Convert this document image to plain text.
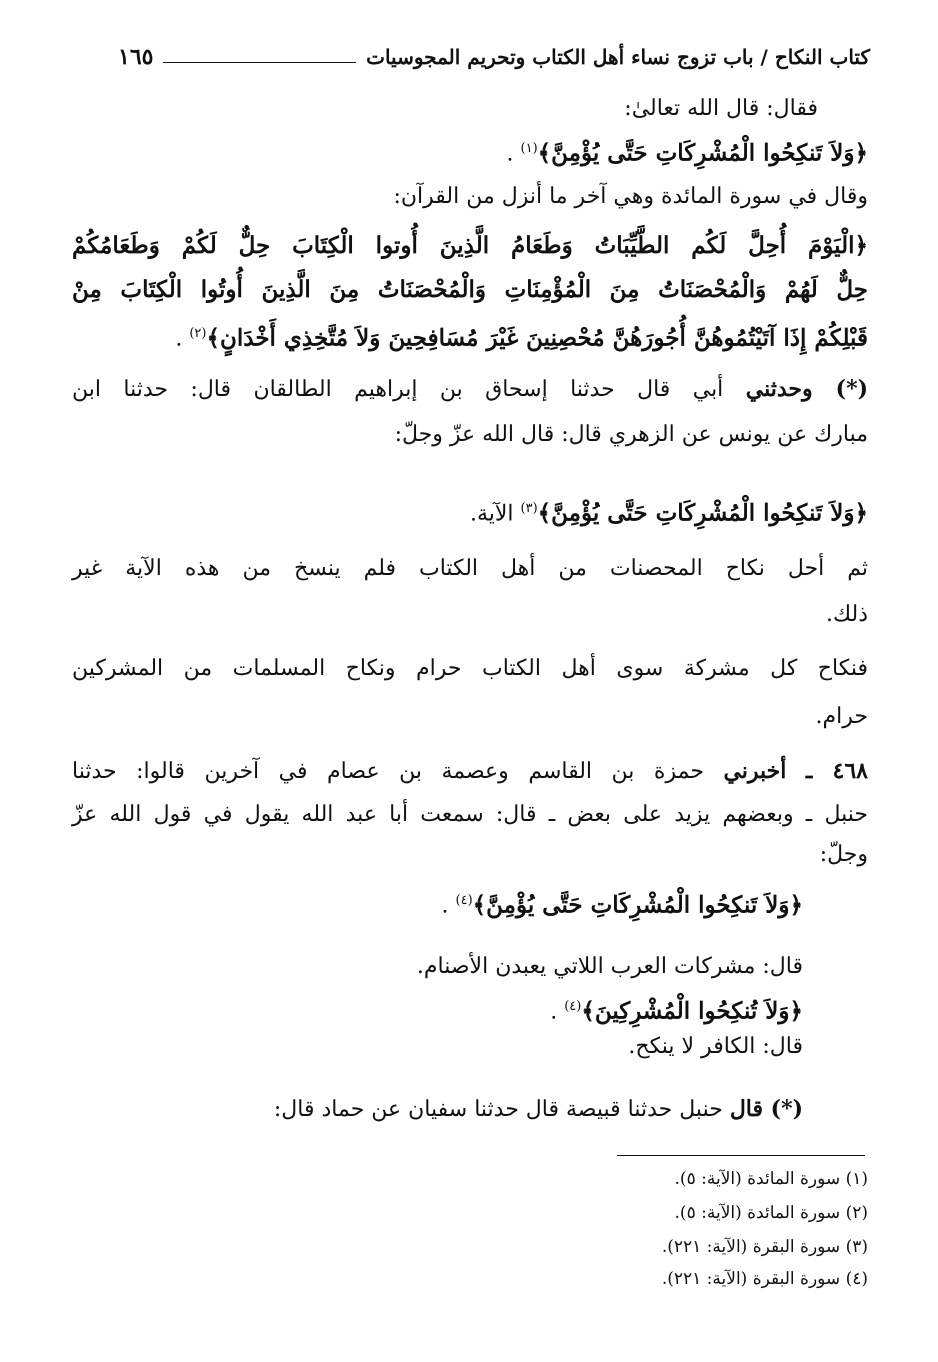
كتاب النكاح / باب تزوج نساء أهل الكتاب وتحريم المجوسيات
١٦٥
فقال: قال الله تعالىٰ:
﴿وَلاَ تَنكِحُوا الْمُشْرِكَاتِ حَتَّى يُؤْمِنَّ﴾$^{(١)}$ .
وقال في سورة المائدة وهي آخر ما أنزل من القرآن:
﴿الْيَوْمَ أُحِلَّ لَكُم الطَّيِّبَاتُ وَطَعَامُ الَّذِينَ أُوتوا الْكِتَابَ حِلٌّ لَكُمْ وَطَعَامُكُمْ
حِلٌّ لَهُمْ وَالْمُحْصَنَاتُ مِنَ الْمُؤْمِنَاتِ وَالْمُحْصَنَاتُ مِنَ الَّذِينَ أُوتُوا الْكِتَابَ مِنْ
قَبْلِكُمْ إِذَا آتَيْتُمُوهُنَّ أُجُورَهُنَّ مُحْصِنِينَ غَيْرَ مُسَافِحِينَ وَلاَ مُتَّخِذِي أَخْدَانٍ﴾$^{(٢)}$ .
(*) وحدثني أبي قال حدثنا إسحاق بن إبراهيم الطالقان قال: حدثنا ابن
مبارك عن يونس عن الزهري قال: قال الله عزّ وجلّ:
﴿وَلاَ تَنكِحُوا الْمُشْرِكَاتِ حَتَّى يُؤْمِنَّ﴾$^{(٣)}$ الآية.
ثم أحل نكاح المحصنات من أهل الكتاب فلم ينسخ من هذه الآية غير
ذلك.
فنكاح كل مشركة سوى أهل الكتاب حرام ونكاح المسلمات من المشركين
حرام.
٤٦٨ ـ أخبرني حمزة بن القاسم وعصمة بن عصام في آخرين قالوا: حدثنا
حنبل ـ وبعضهم يزيد على بعض ـ قال: سمعت أبا عبد الله يقول في قول الله عزّ
وجلّ:
﴿وَلاَ تَنكِحُوا الْمُشْرِكَاتِ حَتَّى يُؤْمِنَّ﴾$^{(٤)}$ .
قال: مشركات العرب اللاتي يعبدن الأصنام.
﴿وَلاَ تُنكِحُوا الْمُشْرِكِينَ﴾$^{(٤)}$ .
قال: الكافر لا ينكح.
(*) قال حنبل حدثنا قبيصة قال حدثنا سفيان عن حماد قال:
(١) سورة المائدة (الآية: ٥).
(٢) سورة المائدة (الآية: ٥).
(٣) سورة البقرة (الآية: ٢٢١).
(٤) سورة البقرة (الآية: ٢٢١).
